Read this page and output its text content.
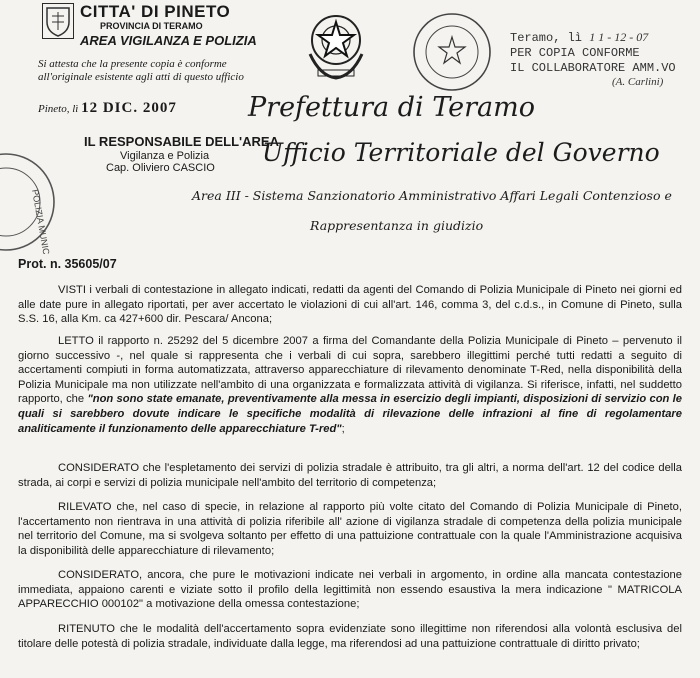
CITTA' DI PINETO
PROVINCIA DI TERAMO
AREA VIGILANZA E POLIZIA
Si attesta che la presente copia è conforme
all'originale esistente agli atti di questo ufficio
Pineto, lì 12 DIC. 2007
Teramo, lì 1 1 - 12 - 07
PER COPIA CONFORME
IL COLLABORATORE AMM.VO
(A. Carlini)
Prefettura di Teramo
Ufficio Territoriale del Governo
Area III - Sistema Sanzionatorio Amministrativo Affari Legali Contenzioso e
Rappresentanza in giudizio
IL RESPONSABILE DELL'AREA
Vigilanza e Polizia
Cap. Oliviero CASCIO
POLIZIA MUNICIPALE
Prot. n. 35605/07
VISTI i verbali di contestazione in allegato indicati, redatti da agenti del Comando di Polizia Municipale di Pineto nei giorni ed alle date pure in allegato riportati, per aver accertato le violazioni di cui all'art. 146, comma 3, del c.d.s., in Comune di Pineto, sulla S.S. 16, alla Km. ca 427+600 dir. Pescara/ Ancona;
LETTO il rapporto n. 25292 del 5 dicembre 2007 a firma del Comandante della Polizia Municipale di Pineto – pervenuto il giorno successivo -, nel quale si rappresenta che i verbali di cui sopra, sarebbero illegittimi perché tutti redatti a seguito di accertamenti compiuti in forma automatizzata, attraverso apparecchiature di rilevamento denominate T-Red, nella disponibilità della Polizia Municipale ma non utilizzate nell'ambito di una organizzata e formalizzata attività di vigilanza. Si riferisce, infatti, nel suddetto rapporto, che "non sono state emanate, preventivamente alla messa in esercizio degli impianti, disposizioni di servizio con le quali si sarebbero dovute indicare le specifiche modalità di rilevazione delle infrazioni al fine di regolamentare analiticamente il funzionamento delle apparecchiature T-red";
CONSIDERATO che l'espletamento dei servizi di polizia stradale è attribuito, tra gli altri, a norma dell'art. 12 del codice della strada, ai corpi e servizi di polizia municipale nell'ambito del territorio di competenza;
RILEVATO che, nel caso di specie, in relazione al rapporto più volte citato del Comando di Polizia Municipale di Pineto, l'accertamento non rientrava in una attività di polizia riferibile all' azione di vigilanza stradale di competenza della polizia municipale nel territorio del Comune, ma si svolgeva soltanto per effetto di una pattuizione contrattuale con la quale l'Amministrazione acquisiva la disponibilità delle apparecchiature di rilevamento;
CONSIDERATO, ancora, che pure le motivazioni indicate nei verbali in argomento, in ordine alla mancata contestazione immediata, appaiono carenti e viziate sotto il profilo della legittimità non essendo esaustiva la mera indicazione " MATRICOLA APPARECCHIO 000102" a motivazione della omessa contestazione;
RITENUTO che le modalità dell'accertamento sopra evidenziate sono illegittime non riferendosi alla volontà esclusiva del titolare delle potestà di polizia stradale, individuate dalla legge, ma riferendosi ad una pattuizione contrattuale di diritto privato;
